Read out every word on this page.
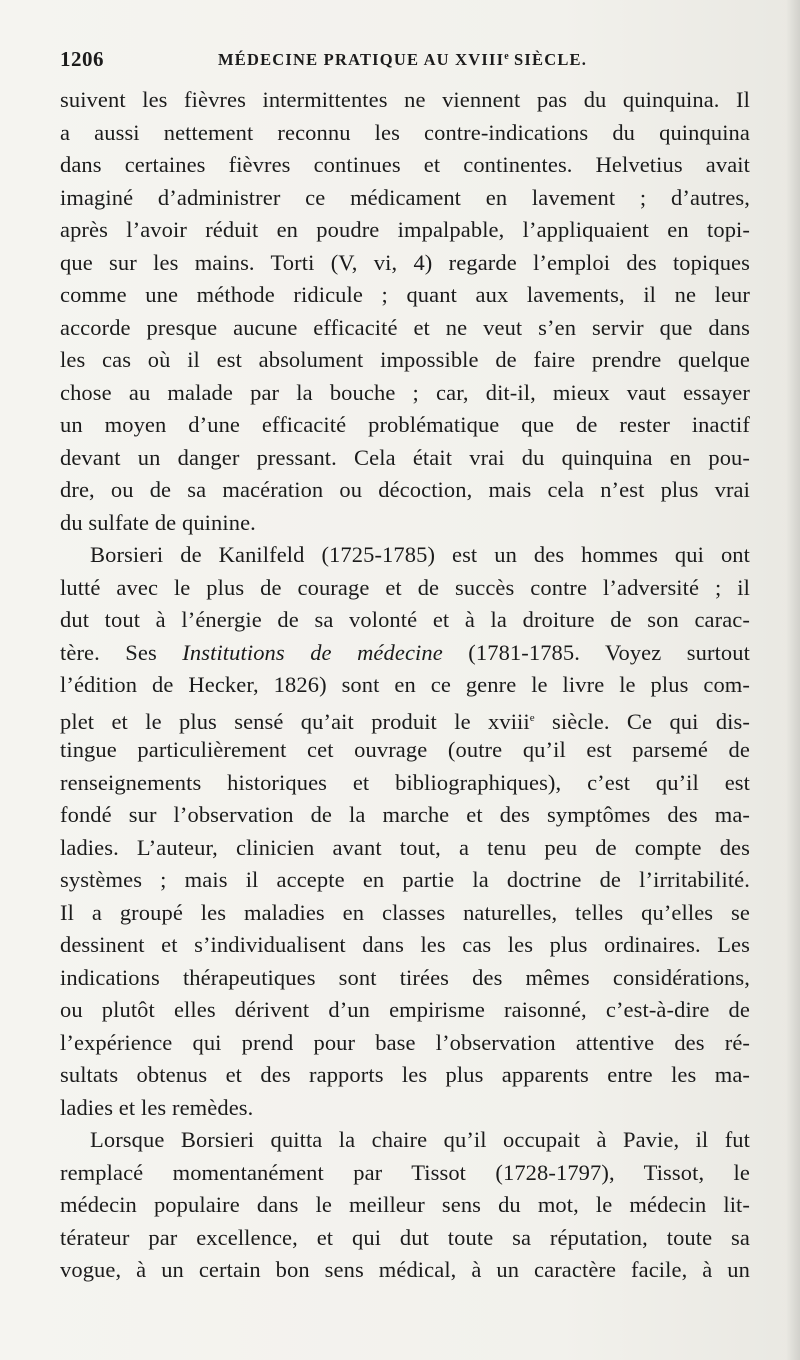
1206	MÉDECINE PRATIQUE AU XVIIIe SIÈCLE.
suivent les fièvres intermittentes ne viennent pas du quinquina. Il
a aussi nettement reconnu les contre-indications du quinquina
dans certaines fièvres continues et continentes. Helvetius avait
imaginé d’administrer ce médicament en lavement ; d’autres,
après l’avoir réduit en poudre impalpable, l’appliquaient en topi-
que sur les mains. Torti (V, vi, 4) regarde l’emploi des topiques
comme une méthode ridicule ; quant aux lavements, il ne leur
accorde presque aucune efficacité et ne veut s’en servir que dans
les cas où il est absolument impossible de faire prendre quelque
chose au malade par la bouche ; car, dit-il, mieux vaut essayer
un moyen d’une efficacité problématique que de rester inactif
devant un danger pressant. Cela était vrai du quinquina en pou-
dre, ou de sa macération ou décoction, mais cela n’est plus vrai
du sulfate de quinine.
Borsieri de Kanilfeld (1725-1785) est un des hommes qui ont
lutté avec le plus de courage et de succès contre l’adversité ; il
dut tout à l’énergie de sa volonté et à la droiture de son carac-
tère. Ses Institutions de médecine (1781-1785. Voyez surtout
l’édition de Hecker, 1826) sont en ce genre le livre le plus com-
plet et le plus sensé qu’ait produit le xviii$^e$ siècle. Ce qui dis-
tingue particulièrement cet ouvrage (outre qu’il est parsemé de
renseignements historiques et bibliographiques), c’est qu’il est
fondé sur l’observation de la marche et des symptômes des ma-
ladies. L’auteur, clinicien avant tout, a tenu peu de compte des
systèmes ; mais il accepte en partie la doctrine de l’irritabilité.
Il a groupé les maladies en classes naturelles, telles qu’elles se
dessinent et s’individualisent dans les cas les plus ordinaires. Les
indications thérapeutiques sont tirées des mêmes considérations,
ou plutôt elles dérivent d’un empirisme raisonné, c’est-à-dire de
l’expérience qui prend pour base l’observation attentive des ré-
sultats obtenus et des rapports les plus apparents entre les ma-
ladies et les remèdes.
Lorsque Borsieri quitta la chaire qu’il occupait à Pavie, il fut
remplacé momentanément par Tissot (1728-1797), Tissot, le
médecin populaire dans le meilleur sens du mot, le médecin lit-
térateur par excellence, et qui dut toute sa réputation, toute sa
vogue, à un certain bon sens médical, à un caractère facile, à un
